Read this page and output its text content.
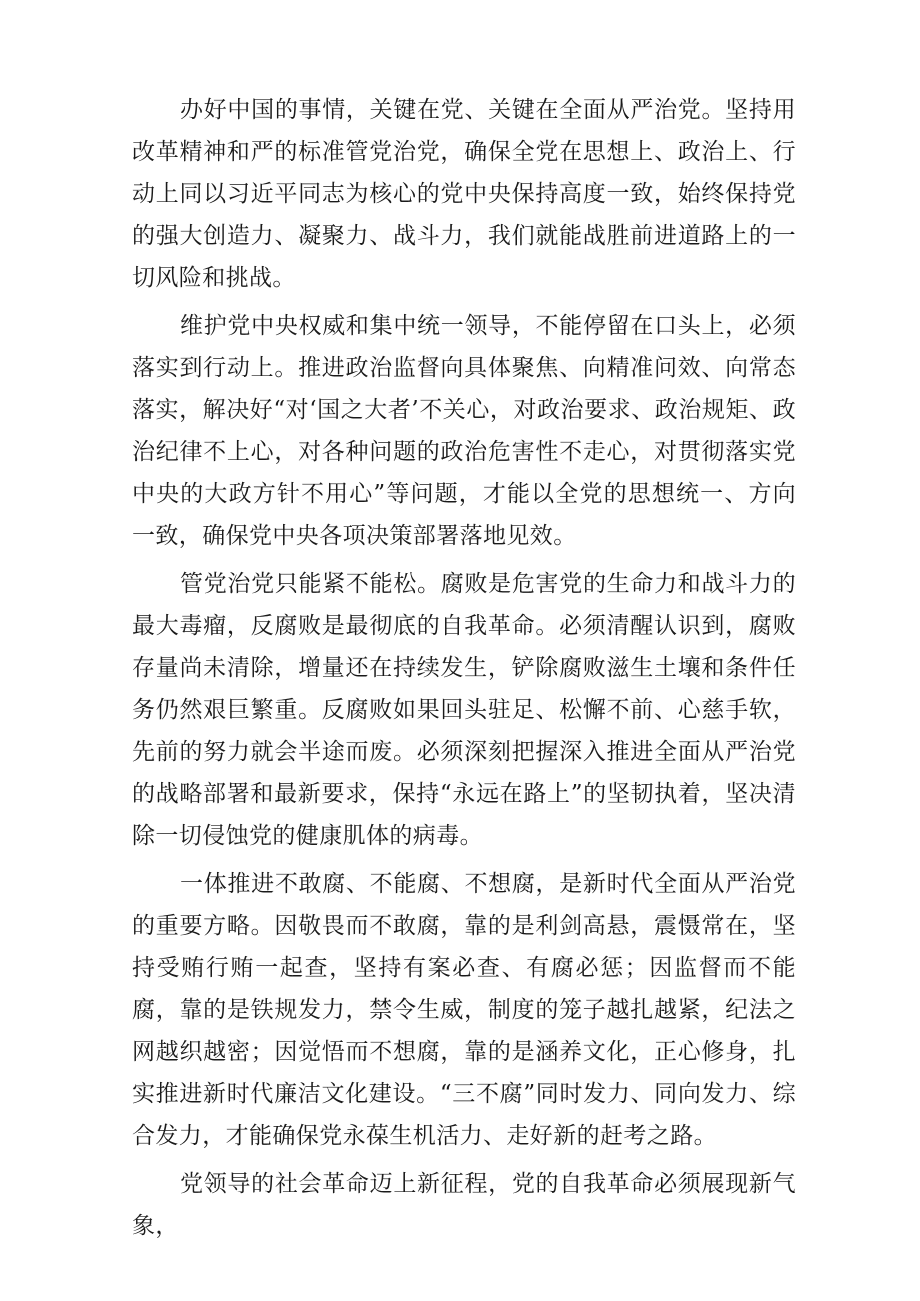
办好中国的事情，关键在党、关键在全面从严治党。坚持用改革精神和严的标准管党治党，确保全党在思想上、政治上、行动上同以习近平同志为核心的党中央保持高度一致，始终保持党的强大创造力、凝聚力、战斗力，我们就能战胜前进道路上的一切风险和挑战。

维护党中央权威和集中统一领导，不能停留在口头上，必须落实到行动上。推进政治监督向具体聚焦、向精准问效、向常态落实，解决好“对‘国之大者’不关心，对政治要求、政治规矩、政治纪律不上心，对各种问题的政治危害性不走心，对贯彻落实党中央的大政方针不用心”等问题，才能以全党的思想统一、方向一致，确保党中央各项决策部署落地见效。

管党治党只能紧不能松。腐败是危害党的生命力和战斗力的最大毒瘤，反腐败是最彻底的自我革命。必须清醒认识到，腐败存量尚未清除，增量还在持续发生，铲除腐败滋生土壤和条件任务仍然艰巨繁重。反腐败如果回头驻足、松懈不前、心慈手软，先前的努力就会半途而废。必须深刻把握深入推进全面从严治党的战略部署和最新要求，保持“永远在路上”的坚韧执着，坚决清除一切侵蚀党的健康肌体的病毒。

一体推进不敢腐、不能腐、不想腐，是新时代全面从严治党的重要方略。因敬畏而不敢腐，靠的是利剑高悬，震慑常在，坚持受贿行贿一起查，坚持有案必查、有腐必惩；因监督而不能腐，靠的是铁规发力，禁令生威，制度的笼子越扎越紧，纪法之网越织越密；因觉悟而不想腐，靠的是涵养文化，正心修身，扎实推进新时代廉洁文化建设。“三不腐”同时发力、同向发力、综合发力，才能确保党永葆生机活力、走好新的赶考之路。

党领导的社会革命迈上新征程，党的自我革命必须展现新气象，
